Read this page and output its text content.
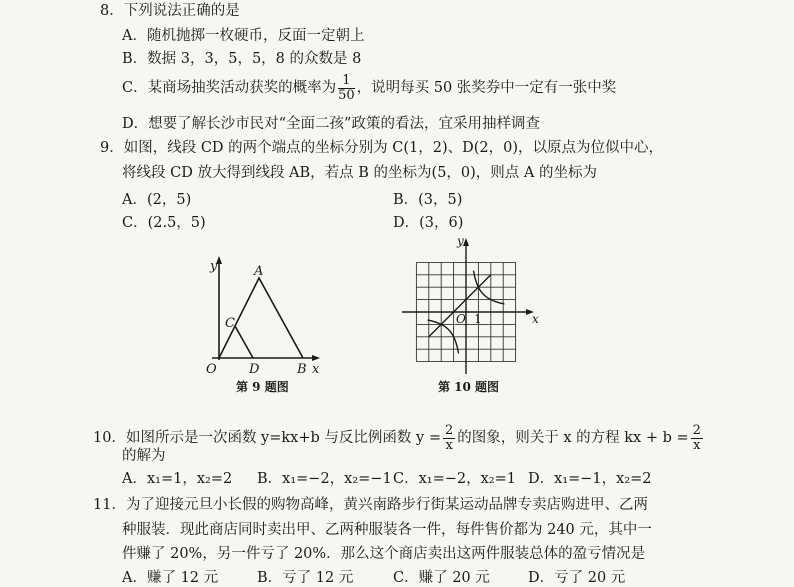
8．下列说法正确的是
A．随机抛掷一枚硬币，反面一定朝上
B．数据 3，3，5，5，8 的众数是 8
C．某商场抽奖活动获奖的概率为 $\frac{1}{50}$ ，说明每买 50 张奖券中一定有一张中奖
D．想要了解长沙市民对“全面二孩”政策的看法，宜采用抽样调查
9．如图，线段 CD 的两个端点的坐标分别为 C(1，2)、D(2，0)，以原点为位似中心，
将线段 CD 放大得到线段 AB，若点 B 的坐标为(5，0)，则点 A 的坐标为
A．(2，5)	B．(3，5)
C．(2.5，5)	D．(3，6)
y	A
C
O D	B x
第 9 题图
y
O 1	x
第 10 题图
10．如图所示是一次函数 y=kx+b 与反比例函数 $y = \frac{2}{x}$ 的图象，则关于 x 的方程 kx + $b = \frac{2}{x}$
的解为
A．x₁=1，x₂=2 B．x₁=−2，x₂=−1 C．x₁=−2，x₂=1 D．x₁=−1，x₂=2
11．为了迎接元旦小长假的购物高峰，黄兴南路步行街某运动品牌专卖店购进甲、乙两
种服装．现此商店同时卖出甲、乙两种服装各一件，每件售价都为 240 元，其中一
件赚了 20%，另一件亏了 20%．那么这个商店卖出这两件服装总体的盈亏情况是
A．赚了 12 元	B．亏了 12 元	C．赚了 20 元	D．亏了 20 元
